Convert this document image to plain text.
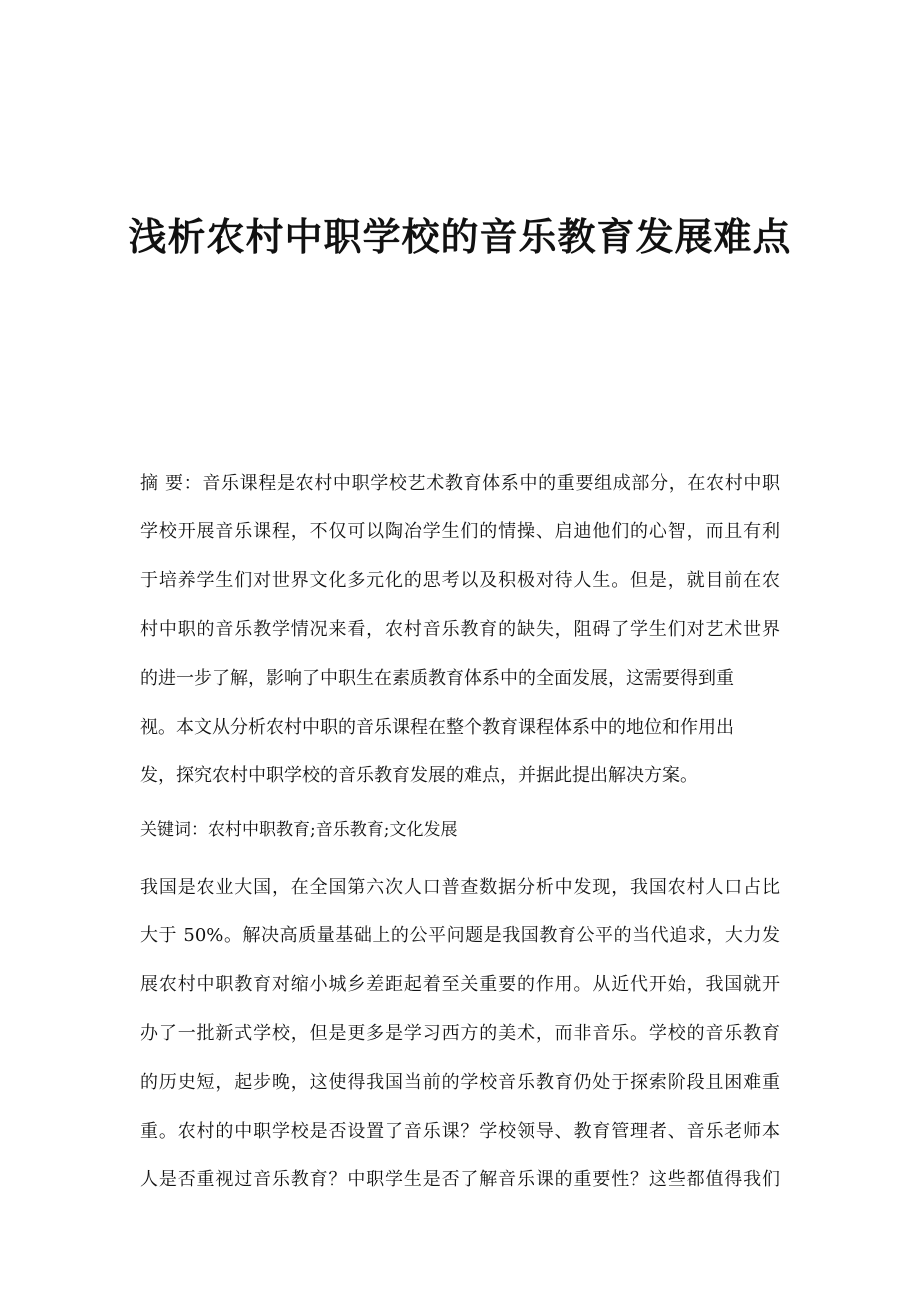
浅析农村中职学校的音乐教育发展难点
摘 要：音乐课程是农村中职学校艺术教育体系中的重要组成部分，在农村中职
学校开展音乐课程，不仅可以陶冶学生们的情操、启迪他们的心智，而且有利
于培养学生们对世界文化多元化的思考以及积极对待人生。但是，就目前在农
村中职的音乐教学情况来看，农村音乐教育的缺失，阻碍了学生们对艺术世界
的进一步了解，影响了中职生在素质教育体系中的全面发展，这需要得到重
视。本文从分析农村中职的音乐课程在整个教育课程体系中的地位和作用出
发，探究农村中职学校的音乐教育发展的难点，并据此提出解决方案。
关键词：农村中职教育;音乐教育;文化发展
我国是农业大国，在全国第六次人口普查数据分析中发现，我国农村人口占比
大于 50%。解决高质量基础上的公平问题是我国教育公平的当代追求，大力发
展农村中职教育对缩小城乡差距起着至关重要的作用。从近代开始，我国就开
办了一批新式学校，但是更多是学习西方的美术，而非音乐。学校的音乐教育
的历史短，起步晚，这使得我国当前的学校音乐教育仍处于探索阶段且困难重
重。农村的中职学校是否设置了音乐课？学校领导、教育管理者、音乐老师本
人是否重视过音乐教育？中职学生是否了解音乐课的重要性？这些都值得我们
